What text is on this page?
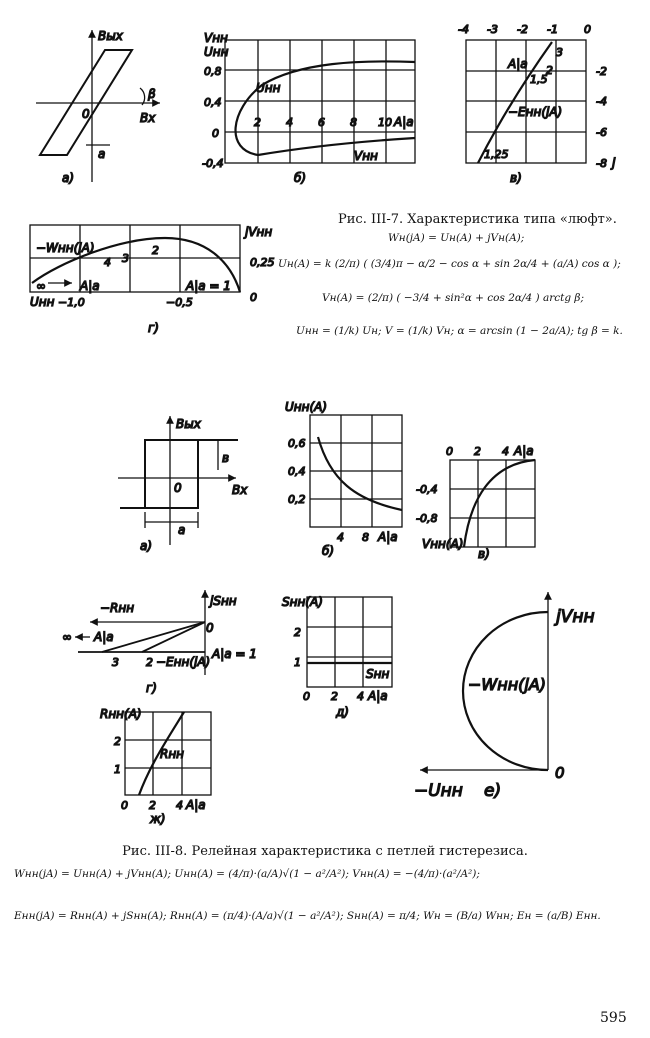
Вых
Вх
0
a
β
a)
Vнн
Uнн
Uнн
Vнн
0,8
0,4
0
-0,4
2 4 6 8 10 A|a
б)
-4 -3 -2 -1 0
-2
-4
-6
-8 j
A|a
3
2
1,5
1,25
−Eнн(jA)
в)
jVнн
−Wнн(jA)
4 3
2
∞	A|a	A|a = 1
Uнн −1,0	−0,5	0
0,25
г)
Вых
Вх
0
a
в
a)
Uнн(A)
0,6
0,4
0,2
4 8 A|a
б)
0 2 4 A|a
-0,4
-0,8
Vнн(A)
в)
jSнн
−Rнн
∞ A|a
A|a = 1
3 2 −Eнн(jA)
0
г)
Sнн(A)
2
1
0 2 4 A|a
Sнн
д)
jVнн
−Wнн(jA)
0
−Uнн e)
Rнн(A)
2
1
0 2 4 A|a
Rнн
ж)
Рис. III-7. Характеристика типа «люфт».
Wн(jA) = Uн(A) + jVн(A);
Uн(A) = k (2/π) ( (3/4)π − α/2 − cos α + sin 2α/4 + (a/A) cos α );
Vн(A) = (2/π) ( −3/4 + sin²α + cos 2α/4 ) arctg β;
Uнн = (1/k) Uн; V = (1/k) Vн; α = arcsin (1 − 2a/A); tg β = k.
Рис. III-8. Релейная характеристика с петлей гистерезиса.
Wнн(jA) = Uнн(A) + jVнн(A); Uнн(A) = (4/π)·(a/A)√(1 − a²/A²); Vнн(A) = −(4/π)·(a²/A²);
Eнн(jA) = Rнн(A) + jSнн(A); Rнн(A) = (π/4)·(A/a)√(1 − a²/A²); Sнн(A) = π/4; Wн = (B/a) Wнн; Eн = (a/B) Eнн.
595
